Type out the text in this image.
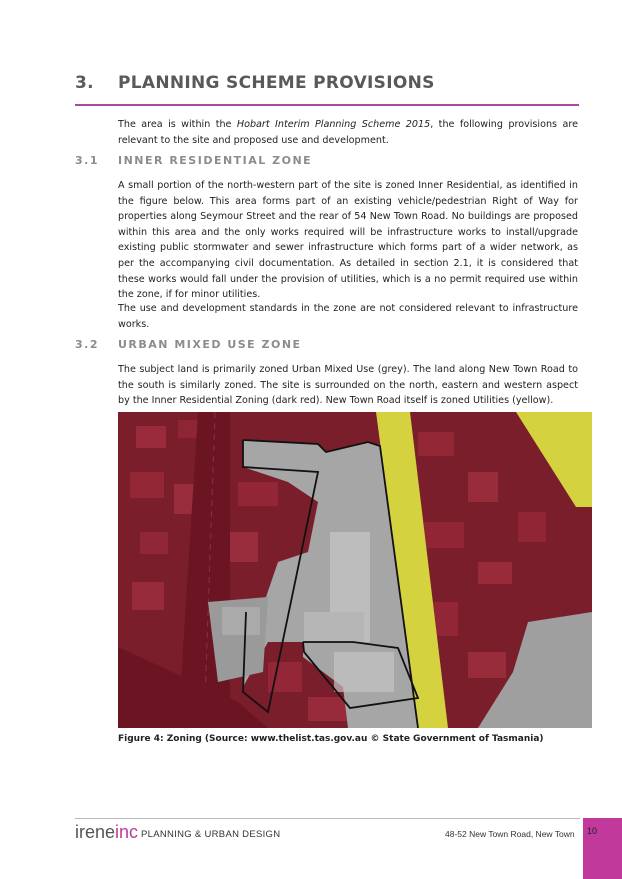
3. PLANNING SCHEME PROVISIONS
The area is within the Hobart Interim Planning Scheme 2015, the following provisions are relevant to the site and proposed use and development.
3.1 INNER RESIDENTIAL ZONE
A small portion of the north-western part of the site is zoned Inner Residential, as identified in the figure below. This area forms part of an existing vehicle/pedestrian Right of Way for properties along Seymour Street and the rear of 54 New Town Road. No buildings are proposed within this area and the only works required will be infrastructure works to install/upgrade existing public stormwater and sewer infrastructure which forms part of a wider network, as per the accompanying civil documentation. As detailed in section 2.1, it is considered that these works would fall under the provision of utilities, which is a no permit required use within the zone, if for minor utilities.
The use and development standards in the zone are not considered relevant to infrastructure works.
3.2 URBAN MIXED USE ZONE
The subject land is primarily zoned Urban Mixed Use (grey). The land along New Town Road to the south is similarly zoned. The site is surrounded on the north, eastern and western aspect by the Inner Residential Zoning (dark red). New Town Road itself is zoned Utilities (yellow).
Figure 4: Zoning (Source: www.thelist.tas.gov.au © State Government of Tasmania)
ireneinc PLANNING & URBAN DESIGN	48-52 New Town Road, New Town 10
